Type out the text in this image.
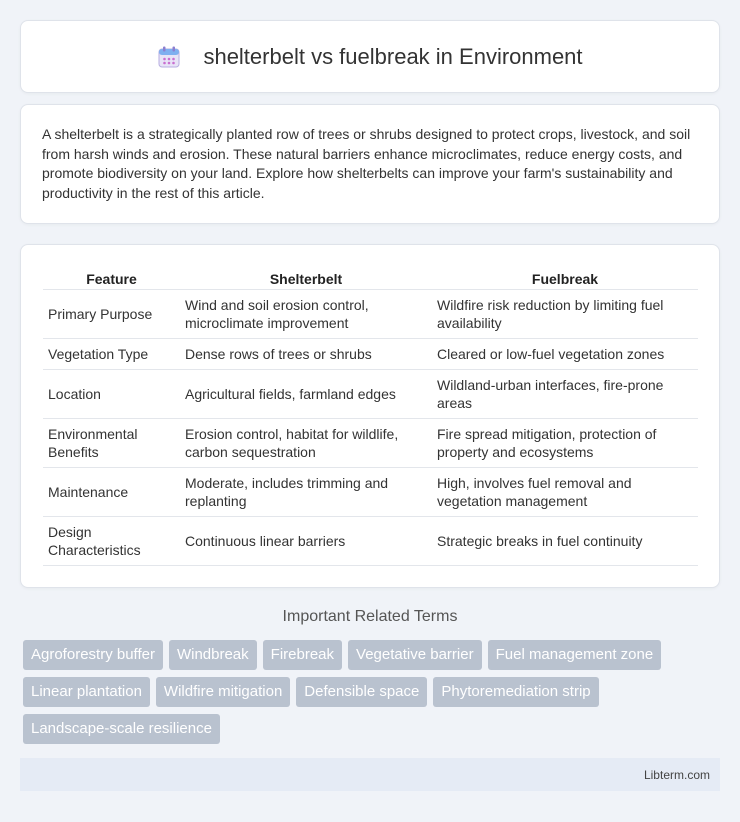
shelterbelt vs fuelbreak in Environment

A shelterbelt is a strategically planted row of trees or shrubs designed to protect crops, livestock, and soil from harsh winds and erosion. These natural barriers enhance microclimates, reduce energy costs, and promote biodiversity on your land. Explore how shelterbelts can improve your farm's sustainability and productivity in the rest of this article.

Feature	Shelterbelt	Fuelbreak
Primary Purpose	Wind and soil erosion control, microclimate improvement	Wildfire risk reduction by limiting fuel availability
Vegetation Type	Dense rows of trees or shrubs	Cleared or low-fuel vegetation zones
Location	Agricultural fields, farmland edges	Wildland-urban interfaces, fire-prone areas
Environmental Benefits	Erosion control, habitat for wildlife, carbon sequestration	Fire spread mitigation, protection of property and ecosystems
Maintenance	Moderate, includes trimming and replanting	High, involves fuel removal and vegetation management
Design Characteristics	Continuous linear barriers	Strategic breaks in fuel continuity
Important Related Terms
Agroforestry buffer	Windbreak	Firebreak	Vegetative barrier	Fuel management zone
Linear plantation	Wildfire mitigation	Defensible space	Phytoremediation strip
Landscape-scale resilience
Libterm.com
